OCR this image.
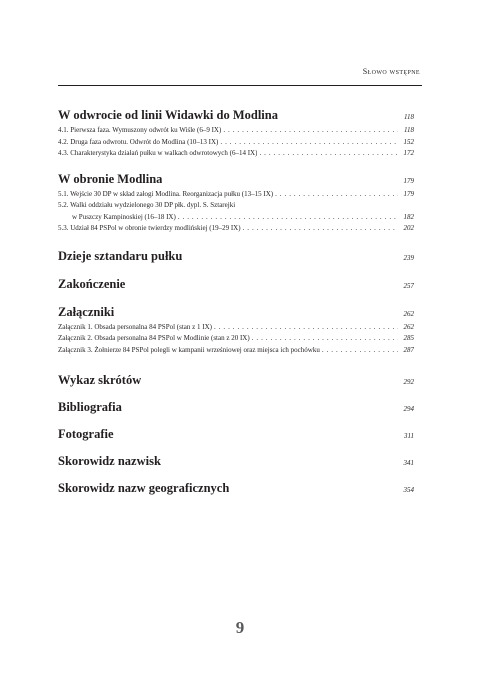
Słowo wstępne
W odwrocie od linii Widawki do Modlina . . .	118
4.1. Pierwsza faza. Wymuszony odwrót ku Wiśle (6–9 IX) . . .	118
4.2. Druga faza odwrotu. Odwrót do Modlina (10–13 IX) . . .	152
4.3. Charakterystyka działań pułku w walkach odwrotowych (6–14 IX) . . .	172
W obronie Modlina . . .	179
5.1. Wejście 30 DP w skład załogi Modlina. Reorganizacja pułku (13–15 IX) . . .	179
5.2. Walki oddziału wydzielonego 30 DP płk. dypl. S. Sztarejki
w Puszczy Kampinoskiej (16–18 IX) . . .	182
5.3. Udział 84 PSPol w obronie twierdzy modlińskiej (19–29 IX) . . .	202
Dzieje sztandaru pułku . . .	239
Zakończenie . . .	257
Załączniki . . .	262
Załącznik 1. Obsada personalna 84 PSPol (stan z 1 IX) . . .	262
Załącznik 2. Obsada personalna 84 PSPol w Modlinie (stan z 20 IX) . . .	285
Załącznik 3. Żołnierze 84 PSPol polegli w kampanii wrześniowej oraz miejsca ich pochówku . . .	287
Wykaz skrótów . . .	292
Bibliografia . . .	294
Fotografie . . .	311
Skorowidz nazwisk . . .	341
Skorowidz nazw geograficznych . . .	354
9
